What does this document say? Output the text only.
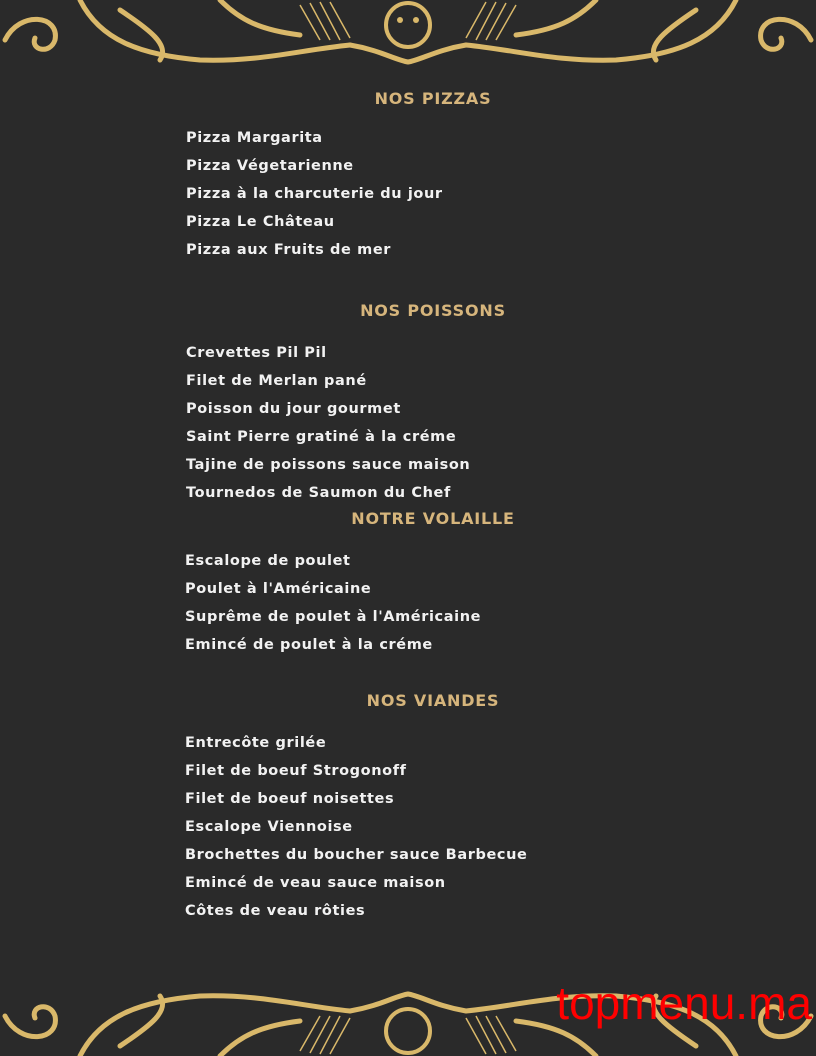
NOS PIZZAS
Pizza Margarita
Pizza Végetarienne
Pizza à la charcuterie du jour
Pizza Le Château
Pizza aux Fruits de mer
NOS POISSONS
Crevettes Pil Pil
Filet de Merlan pané
Poisson du jour gourmet
Saint Pierre gratiné à la créme
Tajine de poissons sauce maison
Tournedos de Saumon du Chef
NOTRE VOLAILLE
Escalope de poulet
Poulet à l'Américaine
Suprême de poulet à l'Américaine
Emincé de poulet à la créme
NOS VIANDES
Entrecôte grilée
Filet de boeuf Strogonoff
Filet de boeuf noisettes
Escalope Viennoise
Brochettes du boucher sauce Barbecue
Emincé de veau sauce maison
Côtes de veau rôties
topmenu.ma
